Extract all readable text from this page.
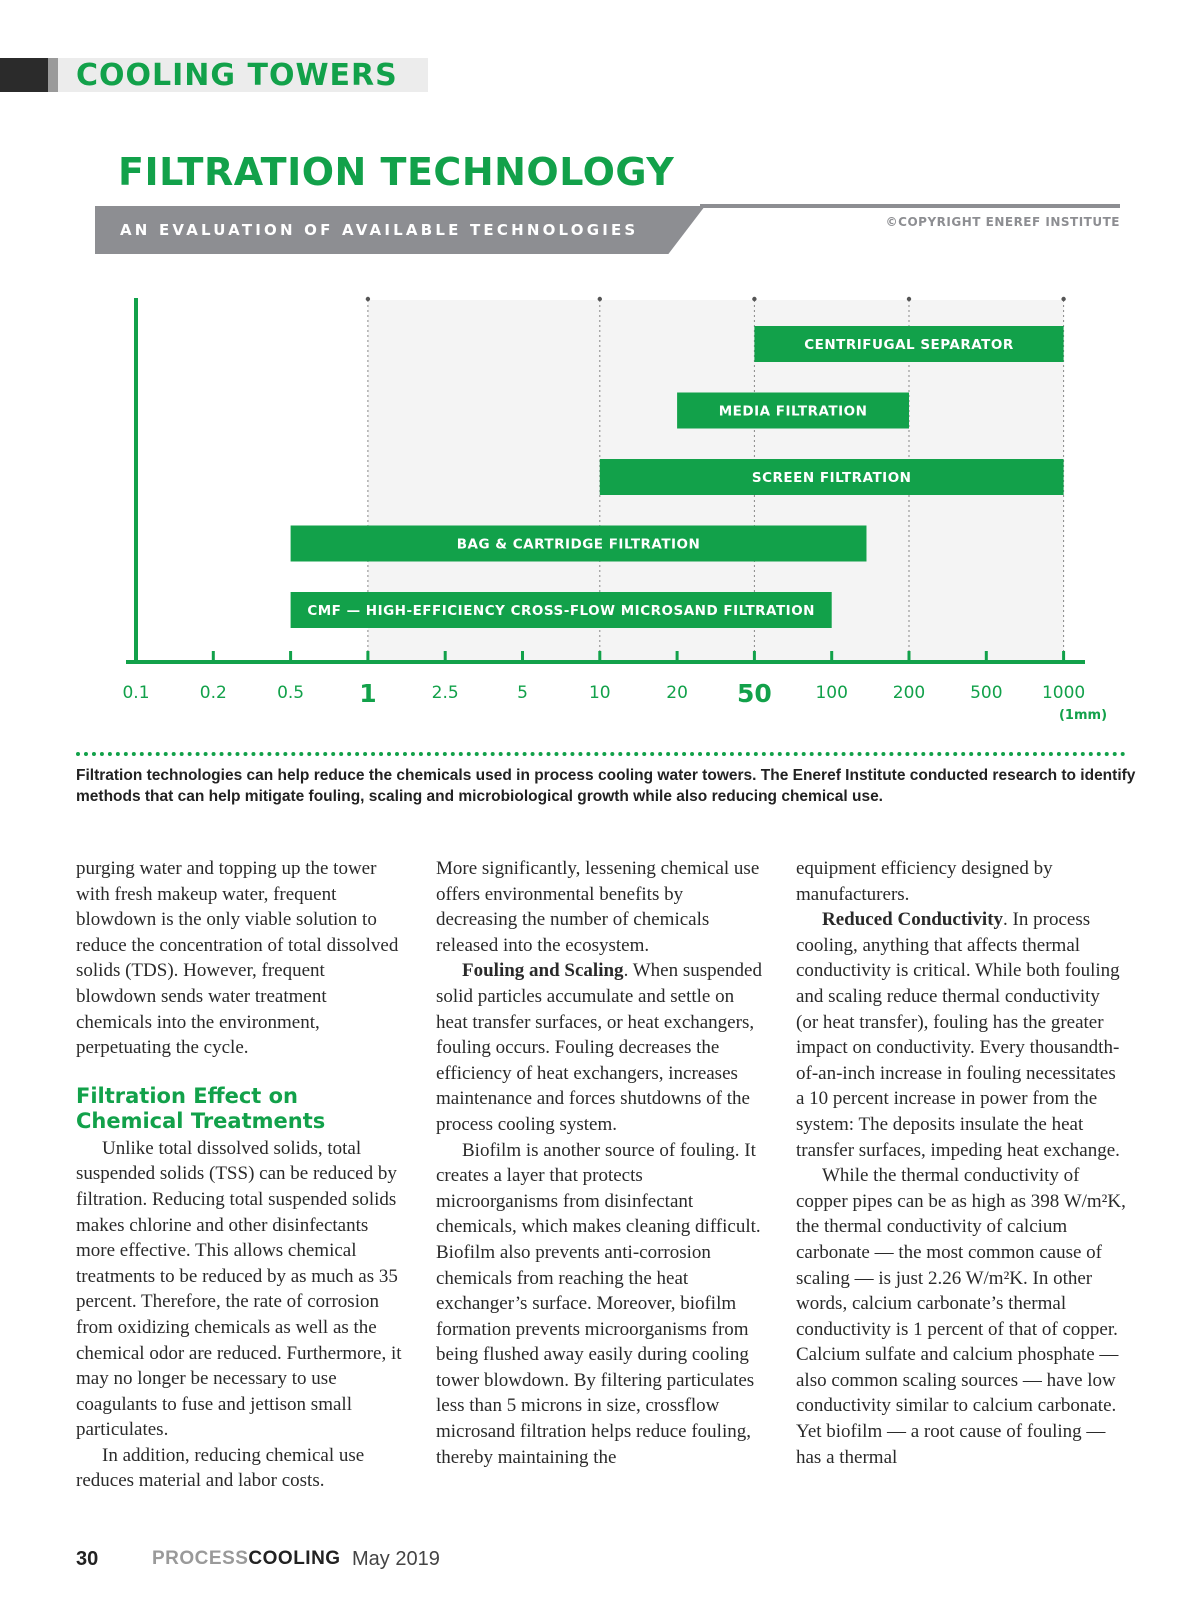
COOLING TOWERS
FILTRATION TECHNOLOGY
AN EVALUATION OF AVAILABLE TECHNOLOGIES	©COPYRIGHT ENEREF INSTITUTE
CENTRIFUGAL SEPARATOR
MEDIA FILTRATION
SCREEN FILTRATION
BAG & CARTRIDGE FILTRATION
CMF — HIGH-EFFICIENCY CROSS-FLOW MICROSAND FILTRATION
0.1	0.2	0.5 1	2.5	5	10	20 50	100	200	500 1000
(1mm)
Filtration technologies can help reduce the chemicals used in process cooling water towers. The Eneref Institute conducted research to identify methods that can help mitigate fouling, scaling and microbiological growth while also reducing chemical use.

purging water and topping up the tower with fresh makeup water, frequent blowdown is the only viable solution to reduce the concentration of total dissolved solids (TDS). However, frequent blowdown sends water treatment chemicals into the environment, perpetuating the cycle.

Filtration Effect on Chemical Treatments

Unlike total dissolved solids, total suspended solids (TSS) can be reduced by filtration. Reducing total suspended solids makes chlorine and other disinfectants more effective. This allows chemical treatments to be reduced by as much as 35 percent. Therefore, the rate of corrosion from oxidizing chemicals as well as the chemical odor are reduced. Furthermore, it may no longer be necessary to use coagulants to fuse and jettison small particulates.

In addition, reducing chemical use reduces material and labor costs.

More significantly, lessening chemical use offers environmental benefits by decreasing the number of chemicals released into the ecosystem.

Fouling and Scaling. When suspended solid particles accumulate and settle on heat transfer surfaces, or heat exchangers, fouling occurs. Fouling decreases the efficiency of heat exchangers, increases maintenance and forces shutdowns of the process cooling system.

Biofilm is another source of fouling. It creates a layer that protects microorganisms from disinfectant chemicals, which makes cleaning difficult. Biofilm also prevents anti-corrosion chemicals from reaching the heat exchanger’s surface. Moreover, biofilm formation prevents microorganisms from being flushed away easily during cooling tower blowdown. By filtering particulates less than 5 microns in size, crossflow microsand filtration helps reduce fouling, thereby maintaining the

equipment efficiency designed by manufacturers.

Reduced Conductivity. In process cooling, anything that affects thermal conductivity is critical. While both fouling and scaling reduce thermal conductivity (or heat transfer), fouling has the greater impact on conductivity. Every thousandth-of-an-inch increase in fouling necessitates a 10 percent increase in power from the system: The deposits insulate the heat transfer surfaces, impeding heat exchange.

While the thermal conductivity of copper pipes can be as high as 398 W/m²K, the thermal conductivity of calcium carbonate — the most common cause of scaling — is just 2.26 W/m²K. In other words, calcium carbonate’s thermal conductivity is 1 percent of that of copper. Calcium sulfate and calcium phosphate — also common scaling sources — have low conductivity similar to calcium carbonate. Yet biofilm — a root cause of fouling — has a thermal

30	PROCESSCOOLING May 2019
